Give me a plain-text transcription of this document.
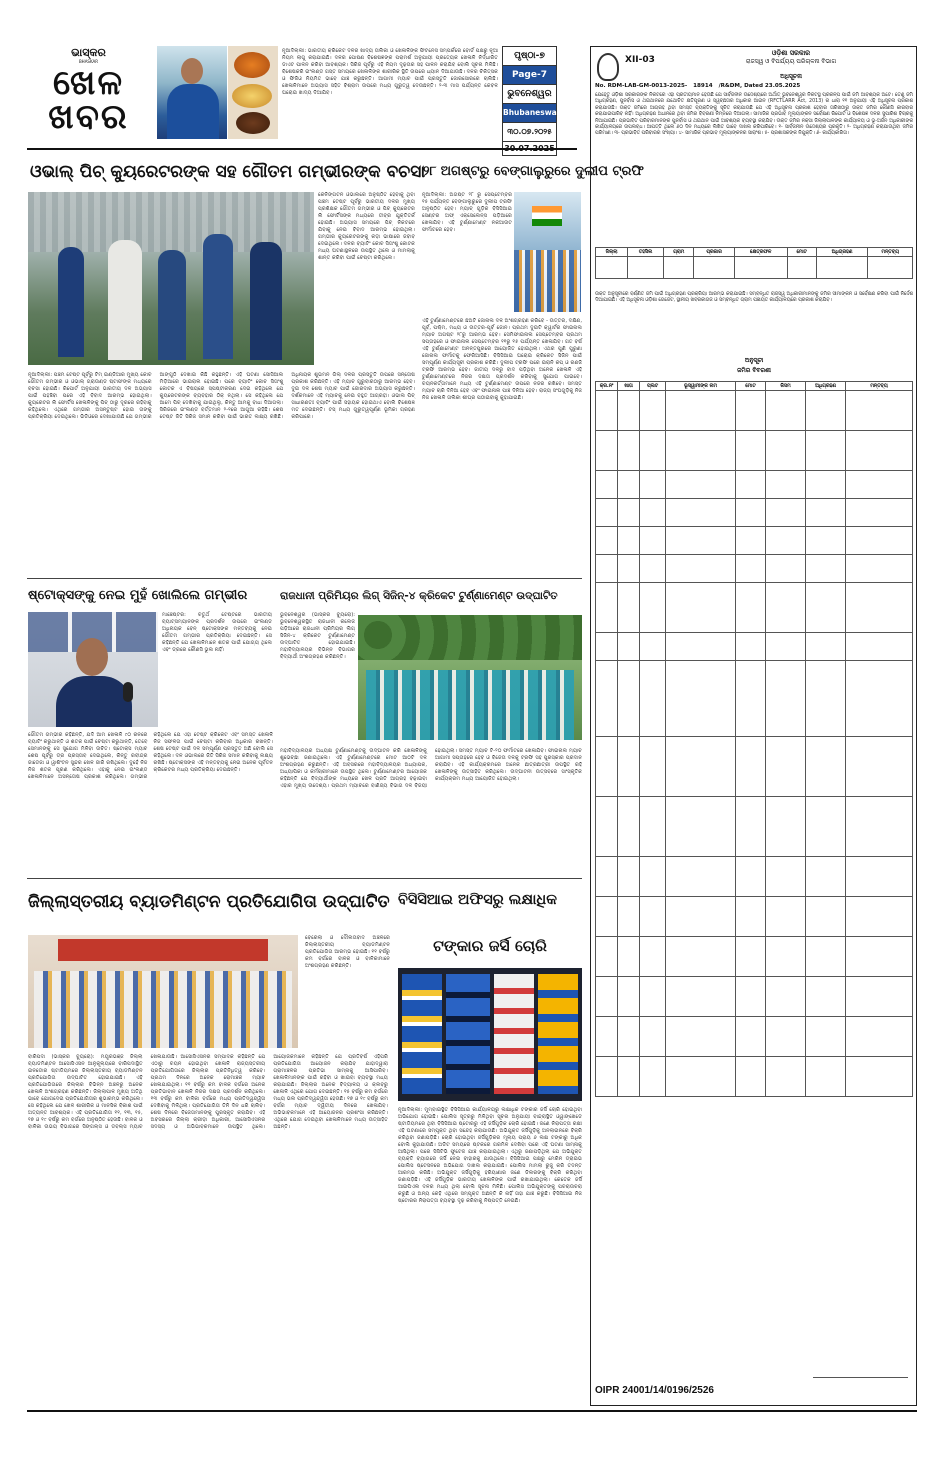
ଭାସ୍କର
BHASKAR
ଖେଳ
ଖବର
ନୂଆଦିଲ୍ଲୀ: ଭାରତୀୟ କ୍ରିକେଟ ଦଳର ଖାଦ୍ୟ ତାଲିକା ଓ ଖେଳାଳିଙ୍କ ଫିଟନେସ ସମ୍ପର୍କରେ ବୋର୍ଡ ପକ୍ଷରୁ ନୂଆ ନିୟମ ଲାଗୁ କରାଯାଇଛି। ଦଳର ପୋଷଣ ବିଶେଷଜ୍ଞଙ୍କ ପରାମର୍ଶ ଅନୁଯାୟୀ ପ୍ରତ୍ୟେକ ଖେଳାଳି ନିର୍ଦ୍ଧାରିତ ଡାଏଟ ପାଳନ କରିବା ଆବଶ୍ୟକ। ସିରିଜ ପୂର୍ବରୁ ଏହି ନିୟମ ଦୃଢ଼ତାର ସହ ପାଳନ କରାଯିବ ବୋଲି ସୂଚନା ମିଳିଛି। ବିଶେଷକରି ଇଂଲଣ୍ଡ ଗସ୍ତ ସମୟରେ ଖେଳାଳିଙ୍କ ଶାରୀରିକ ସ୍ଥିତି ଉପରେ ଧ୍ୟାନ ଦିଆଯାଉଛି। ଦଳର ଚିକିତ୍ସକ ଓ ଫିଜିଓ ନିୟମିତ ଭାବେ ଯାଞ୍ଚ କରୁଛନ୍ତି। ଆଗାମୀ ମ୍ୟାଚ ପାଇଁ ପ୍ରସ୍ତୁତି ଜୋରସୋରରେ ଚାଲିଛି। ଖେଳାଳିମାନେ ଅଭ୍ୟାସ ସହିତ ବିଶ୍ରାମ ଉପରେ ମଧ୍ୟ ଗୁରୁତ୍ୱ ଦେଉଛନ୍ତି। ୨-୩ ମାସ ପର୍ଯ୍ୟନ୍ତ କେବଳ ଘରୋଇ ଖାଦ୍ୟ ଦିଆଯିବ।
ପୃଷ୍ଠା-୭
Page-7
ଭୁବନେଶ୍ୱର
Bhubaneswar
୩୦.୦୭.୨୦୨୫
ଓଭାଲ୍ ପିଚ୍ କ୍ୟୁରେଟରଙ୍କ ସହ ଗୌତମ ଗମ୍ଭୀରଙ୍କ ବଚସା
କେନିଙ୍ଗଟନ ଓଭାଲରେ ଅନୁଷ୍ଠିତ ହେବାକୁ ଥିବା ପଞ୍ଚମ ଟେଷ୍ଟ ପୂର୍ବରୁ ଭାରତୀୟ ଦଳର ମୁଖ୍ୟ ପ୍ରଶିକ୍ଷକ ଗୌତମ ଗମ୍ଭୀର ଓ ପିଚ୍ କ୍ୟୁରେଟର ଲି ଫୋର୍ଟିସଙ୍କ ମଧ୍ୟରେ ତୀବ୍ର ଯୁକ୍ତିତର୍କ ହୋଇଛି। ଅଭ୍ୟାସ ସମୟରେ ପିଚ୍ ନିକଟରେ ଯିବାକୁ ନେଇ ବିବାଦ ଆରମ୍ଭ ହୋଇଥିଲା। ଗମ୍ଭୀର କ୍ୟୁରେଟରଙ୍କୁ କଡ଼ା ଭାଷାରେ ଜବାବ ଦେଇଥିଲେ। ଦଳର ବ୍ୟାଟିଂ କୋଚ ସିତାଂଶୁ କୋଟକ ମଧ୍ୟ ଘଟଣାସ୍ଥଳରେ ଉପସ୍ଥିତ ଥିଲେ ଓ ମାମଲାକୁ ଶାନ୍ତ କରିବା ପାଇଁ ଚେଷ୍ଟା କରିଥିଲେ।
ନୂଆଦିଲ୍ଲୀ: ପଞ୍ଚମ ଟେଷ୍ଟ ପୂର୍ବରୁ ଟିମ୍ ଇଣ୍ଡିଆର ମୁଖ୍ୟ କୋଚ ଗୌତମ ଗମ୍ଭୀର ଓ ଓଭାଲ୍ ଗ୍ରାଉଣ୍ଡ ଷ୍ଟାଫଙ୍କ ମଧ୍ୟରେ ବଚସା ହୋଇଛି। ରିପୋର୍ଟ ଅନୁଯାୟୀ ଭାରତୀୟ ଦଳ ଅଭ୍ୟାସ ପାଇଁ ପହଞ୍ଚିବା ପରେ ଏହି ବିବାଦ ଆରମ୍ଭ ହୋଇଥିଲା। କ୍ୟୁରେଟର ଲି ଫୋର୍ଟିସ ଖେଳାଳିଙ୍କୁ ପିଚ୍ ଠାରୁ ଦୂରରେ ରହିବାକୁ କହିଥିଲେ। ଏଥିରେ ଗମ୍ଭୀର ଅସନ୍ତୁଷ୍ଟ ହୋଇ ତାଙ୍କୁ ପ୍ରତିକ୍ରିୟା ଦେଇଥିଲେ। ଭିଡିଓରେ ଦେଖାଯାଉଛି ଯେ ଗମ୍ଭୀର ଆଙ୍ଗୁଠି ଦେଖାଇ କିଛି କହୁଛନ୍ତି। ଏହି ଘଟଣା ସୋସିଆଲ ମିଡ଼ିଆରେ ଭାଇରାଲ ହୋଇଛି। ପରେ ବ୍ୟାଟିଂ କୋଚ ସିତାଂଶୁ କୋଟକ ଏ ବିଷୟରେ ସ୍ପଷ୍ଟୀକରଣ ଦେଇ କହିଥିଲେ ଯେ କ୍ୟୁରେଟରଙ୍କ ବ୍ୟବହାର ଠିକ୍ ନଥିଲା। ସେ କହିଥିଲେ ଯେ ଆମେ ପିଚ୍ ଦେଖିବାକୁ ଯାଇଥିଲୁ, କିନ୍ତୁ ଆମକୁ ବାଧା ଦିଆଗଲା। ସିରିଜରେ ଇଂଲଣ୍ଡ ବର୍ତ୍ତମାନ ୨-୧ରେ ଆଗୁଆ ରହିଛି। ଶେଷ ଟେଷ୍ଟ ଜିତି ସିରିଜ ସମାନ କରିବା ପାଇଁ ଭାରତ ଲକ୍ଷ୍ୟ ରଖିଛି। ଅଧିନାୟକ ଶୁଭମନ ଗିଲ୍ ଦଳର ପ୍ରସ୍ତୁତି ଉପରେ ସନ୍ତୋଷ ପ୍ରକାଶ କରିଛନ୍ତି। ଏହି ମ୍ୟାଚ ଗୁରୁବାରଠାରୁ ଆରମ୍ଭ ହେବ। ଦୁଇ ଦଳ ଶେଷ ମ୍ୟାଚ ପାଇଁ ଜୋରଦାର ଅଭ୍ୟାସ କରୁଛନ୍ତି। ଦର୍ଶକମାନେ ଏହି ମ୍ୟାଚକୁ ନେଇ ବହୁତ ଆଗ୍ରହୀ। ଓଭାଲ ପିଚ୍ ସାଧାରଣତଃ ବ୍ୟାଟିଂ ପାଇଁ ସହାୟକ ହୋଇଥାଏ ବୋଲି ବିଶେଷଜ୍ଞ ମତ ଦେଇଛନ୍ତି। ଟସ୍ ମଧ୍ୟ ଗୁରୁତ୍ୱପୂର୍ଣ୍ଣ ଭୂମିକା ଗ୍ରହଣ କରିପାରେ।
୨୮ ଅଗଷ୍ଟରୁ ବେଙ୍ଗାଲୁରୁରେ ଦୁଲୀପ ଟ୍ରଫି
ନୂଆଦିଲ୍ଲୀ: ଅଗଷ୍ଟ ୨୮ ରୁ ସେପ୍ଟେମ୍ବର ୧୫ ପର୍ଯ୍ୟନ୍ତ ବେଙ୍ଗାଲୁରୁରେ ଦୁଲୀପ ଟ୍ରଫି ଅନୁଷ୍ଠିତ ହେବ। ମ୍ୟାଚ୍ ଗୁଡ଼ିକ ବିସିସିଆଇ ସେଣ୍ଟର ଅଫ୍ ଏକ୍ସେଲେନ୍ସ ପଡ଼ିଆରେ ଖେଳାଯିବ। ଏହି ଟୁର୍ଣ୍ଣାମେଣ୍ଟ ନକଆଉଟ ଫର୍ମାଟରେ ହେବ।
ଏହି ଟୁର୍ଣ୍ଣାମେଣ୍ଟରେ ଛଅଟି ଜୋନାଲ ଦଳ ଅଂଶଗ୍ରହଣ କରିବେ - ଉତ୍ତର, ଦକ୍ଷିଣ, ପୂର୍ବ, ପଶ୍ଚିମ, ମଧ୍ୟ ଓ ଉତ୍ତର-ପୂର୍ବ ଜୋନ। ପ୍ରଥମ ଦୁଇଟି କ୍ୱାର୍ଟର ଫାଇନାଲ ମ୍ୟାଚ ଅଗଷ୍ଟ ୨୮ରୁ ଆରମ୍ଭ ହେବ। ସେମିଫାଇନାଲ ସେପ୍ଟେମ୍ବର ପ୍ରଥମ ସପ୍ତାହରେ ଓ ଫାଇନାଲ ସେପ୍ଟେମ୍ବର ୧୧ରୁ ୧୫ ପର୍ଯ୍ୟନ୍ତ ଖେଳାଯିବ। ଗତ ବର୍ଷ ଏହି ଟୁର୍ଣ୍ଣାମେଣ୍ଟ ଅନନ୍ତପୁରରେ ଆୟୋଜିତ ହୋଇଥିଲା। ଏଥର ପୁଣି ପୁରୁଣା ଜୋନାଲ ଫର୍ମାଟକୁ ଫେରିଆସିଛି। ବିସିସିଆଇ ଘରୋଇ କ୍ରିକେଟ ସିଜିନ ପାଇଁ ସମ୍ପୂର୍ଣ୍ଣ କାର୍ଯ୍ୟସୂଚୀ ପ୍ରକାଶ କରିଛି। ଦୁଲୀପ ଟ୍ରଫି ପରେ ଇରାନି କପ୍ ଓ ରଣଜି ଟ୍ରଫି ଆରମ୍ଭ ହେବ। ଜାତୀୟ ଦଳରୁ ବାଦ ପଡ଼ିଥିବା ଅନେକ ଖେଳାଳି ଏହି ଟୁର୍ଣ୍ଣାମେଣ୍ଟରେ ନିଜର ଦକ୍ଷତା ପ୍ରଦର୍ଶନ କରିବାକୁ ସୁଯୋଗ ପାଇବେ। ଚୟନକର୍ତ୍ତାମାନେ ମଧ୍ୟ ଏହି ଟୁର୍ଣ୍ଣାମେଣ୍ଟ ଉପରେ ନଜର ରଖିବେ। ସମସ୍ତ ମ୍ୟାଚ ଚାରି ଦିନିଆ ହେବ ଏବଂ ଫାଇନାଲ ପାଞ୍ଚ ଦିନିଆ ହେବ। ରାଜ୍ୟ ସଂଘଗୁଡ଼ିକୁ ନିଜ ନିଜ ଖେଳାଳି ତାଲିକା ଶୀଘ୍ର ପଠାଇବାକୁ କୁହାଯାଇଛି।
ଷ୍ଟୋକ୍ସଙ୍କୁ ନେଇ ମୁହଁ ଖୋଲିଲେ ଗମ୍ଭୀର
ମାଞ୍ଚେଷ୍ଟର: ଚତୁର୍ଥ ଟେଷ୍ଟରେ ଭାରତୀୟ ବ୍ୟାଟ୍ସମ୍ୟାନଙ୍କ ପ୍ରଦର୍ଶନ ଉପରେ ଇଂଲଣ୍ଡ ଅଧିନାୟକ ବେନ୍ ଷ୍ଟୋକ୍ସଙ୍କ ମନ୍ତବ୍ୟକୁ ନେଇ ଗୌତମ ଗମ୍ଭୀର ପ୍ରତିକ୍ରିୟା ଦେଇଛନ୍ତି। ସେ କହିଛନ୍ତି ଯେ ଖେଳାଳିମାନେ ଶତକ ପାଇଁ ଯୋଗ୍ୟ ଥିଲେ ଏବଂ ଡ୍ରରେ କୌଣସି ଭୁଲ ନାହିଁ।
ଗୌତମ ଗମ୍ଭୀର କହିଛନ୍ତି, ଯଦି ଆମ ଖେଳାଳି ୯୦ ରନରେ ବ୍ୟାଟିଂ କରୁଥାନ୍ତି ଓ ଶତକ ପାଇଁ ଚେଷ୍ଟା କରୁଥାନ୍ତି, ତେବେ ସେମାନଙ୍କୁ ସେ ସୁଯୋଗ ମିଳିବା ଉଚିତ। ଷ୍ଟୋକ୍ସ ମ୍ୟାଚ ଶେଷ ପୂର୍ବରୁ ଡ୍ର ପ୍ରସ୍ତାବ ଦେଇଥିଲେ, କିନ୍ତୁ ରବୀନ୍ଦ୍ର ଜାଡେଜା ଓ ୱାଶିଂଟନ ସୁନ୍ଦର ଖେଳ ଜାରି ରଖିଥିଲେ। ଦୁହେଁ ନିଜ ନିଜ ଶତକ ପୂରଣ କରିଥିଲେ। ଏହାକୁ ନେଇ ଇଂଲଣ୍ଡ ଖେଳାଳିମାନେ ଅସନ୍ତୋଷ ପ୍ରକାଶ କରିଥିଲେ। ଗମ୍ଭୀର କହିଥିଲେ ଯେ ଏହା ଟେଷ୍ଟ କ୍ରିକେଟ ଏବଂ ସମସ୍ତ ଖେଳାଳି ନିଜ ସଫଳତା ପାଇଁ ଚେଷ୍ଟା କରିବାର ଅଧିକାର ରଖନ୍ତି। ଶେଷ ଟେଷ୍ଟ ପାଇଁ ଦଳ ସମ୍ପୂର୍ଣ୍ଣ ପ୍ରସ୍ତୁତ ଅଛି ବୋଲି ସେ କହିଥିଲେ। ଦଳ ଓଭାଲରେ ଜିତି ସିରିଜ ସମାନ କରିବାକୁ ଲକ୍ଷ୍ୟ ରଖିଛି। ଷ୍ଟୋକ୍ସଙ୍କ ଏହି ମନ୍ତବ୍ୟକୁ ନେଇ ଅନେକ ପୂର୍ବତନ କ୍ରିକେଟର ମଧ୍ୟ ପ୍ରତିକ୍ରିୟା ଦେଇଛନ୍ତି।
ରାଜଧାନୀ ପ୍ରିମିୟର ଲିଗ୍ ସିଜିନ୍-୪ କ୍ରିକେଟ ଟୁର୍ଣ୍ଣାମେଣ୍ଟ ଉଦ୍‌ଘାଟିତ
ଭୁବନେଶ୍ୱର (ଭାସ୍କର ବ୍ୟୁରୋ): ଭୁବନେଶ୍ୱରସ୍ଥିତ ରାଜଧାନୀ କଲେଜ ପଡ଼ିଆରେ ରାଜଧାନୀ ପ୍ରିମିୟର ଲିଗ୍ ସିଜିନ-୪ କ୍ରିକେଟ ଟୁର୍ଣ୍ଣାମେଣ୍ଟ ଉଦ୍‌ଘାଟିତ ହୋଇଯାଇଛି। ମହାବିଦ୍ୟାଳୟର ବିଭିନ୍ନ ବିଭାଗର ବିଦ୍ୟାର୍ଥୀ ଅଂଶଗ୍ରହଣ କରିଛନ୍ତି।
ମହାବିଦ୍ୟାଳୟର ଅଧ୍ୟକ୍ଷ ଟୁର୍ଣ୍ଣାମେଣ୍ଟକୁ ଉଦ୍‌ଘାଟନ କରି ଖେଳାଳିଙ୍କୁ ଶୁଭେଚ୍ଛା ଜଣାଇଥିଲେ। ଏହି ଟୁର୍ଣ୍ଣାମେଣ୍ଟରେ ମୋଟ ଆଠଟି ଦଳ ଅଂଶଗ୍ରହଣ କରୁଛନ୍ତି। ଏହି ଅବସରରେ ମହାବିଦ୍ୟାଳୟର ଅଧ୍ୟାପକ, ଅଧ୍ୟାପିକା ଓ କର୍ମଚାରୀମାନେ ଉପସ୍ଥିତ ଥିଲେ। ଟୁର୍ଣ୍ଣାମେଣ୍ଟର ଆୟୋଜକ କହିଛନ୍ତି ଯେ ବିଦ୍ୟାର୍ଥୀଙ୍କ ମଧ୍ୟରେ ଖେଳ ପ୍ରତି ଆଗ୍ରହ ବଢ଼ାଇବା ଏହାର ମୁଖ୍ୟ ଉଦ୍ଦେଶ୍ୟ। ପ୍ରଥମ ମ୍ୟାଚରେ ବାଣିଜ୍ୟ ବିଭାଗ ଦଳ ବିଜୟୀ ହୋଇଥିଲା। ସମସ୍ତ ମ୍ୟାଚ ଟି-୨୦ ଫର୍ମାଟରେ ଖେଳାଯିବ। ଫାଇନାଲ ମ୍ୟାଚ ଆଗାମୀ ସପ୍ତାହରେ ହେବ ଓ ବିଜେତା ଦଳକୁ ଟ୍ରଫି ସହ ପୁରସ୍କାର ପ୍ରଦାନ କରାଯିବ। ଏହି କାର୍ଯ୍ୟକ୍ରମରେ ଅନେକ ଛାତ୍ରଛାତ୍ରୀ ଉପସ୍ଥିତ ରହି ଖେଳାଳିଙ୍କୁ ଉତ୍ସାହିତ କରିଥିଲେ। ଉଦ୍‌ଘାଟନୀ ଉତ୍ସବରେ ସାଂସ୍କୃତିକ କାର୍ଯ୍ୟକ୍ରମ ମଧ୍ୟ ଆୟୋଜିତ ହୋଇଥିଲା।
ଜିଲ୍ଲାସ୍ତରୀୟ ବ୍ୟାଡମିଣ୍ଟନ ପ୍ରତିଯୋଗିତା ଉଦ୍‌ଘାଟିତ
ବେରେଲା ଓ ଦୌଲତାବାଦ ଅଞ୍ଚଳରେ ଜିଲ୍ଲାସ୍ତରୀୟ ବ୍ୟାଡମିଣ୍ଟନ ପ୍ରତିଯୋଗିତା ଆରମ୍ଭ ହୋଇଛି। ୧୧ ବର୍ଷରୁ କମ ବର୍ଗରେ ବାଳକ ଓ ବାଳିକାମାନେ ଅଂଶଗ୍ରହଣ କରିଛନ୍ତି।
ବାରିପଦା (ଭାସ୍କର ବ୍ୟୁରୋ): ମୟୂରଭଞ୍ଜ ଜିଲ୍ଲା ବ୍ୟାଡମିଣ୍ଟନ ଆସୋସିଏସନ ଆନୁକୂଲ୍ୟରେ ବାରିପଦାସ୍ଥିତ ଇନଡୋର ଷ୍ଟାଡିୟମରେ ଜିଲ୍ଲାସ୍ତରୀୟ ବ୍ୟାଡମିଣ୍ଟନ ପ୍ରତିଯୋଗିତା ଉଦ୍‌ଘାଟିତ ହୋଇଯାଇଛି। ଏହି ପ୍ରତିଯୋଗିତାରେ ଜିଲ୍ଲାର ବିଭିନ୍ନ ଅଞ୍ଚଳରୁ ଅନେକ ଖେଳାଳି ଅଂଶଗ୍ରହଣ କରିଛନ୍ତି। ଜିଲ୍ଲାପାଳ ମୁଖ୍ୟ ଅତିଥି ଭାବେ ଯୋଗଦେଇ ପ୍ରତିଯୋଗିତାର ଶୁଭାରମ୍ଭ କରିଥିଲେ। ସେ କହିଥିଲେ ଯେ ଖେଳ ଶାରୀରିକ ଓ ମାନସିକ ବିକାଶ ପାଇଁ ଅତ୍ୟନ୍ତ ଆବଶ୍ୟକ। ଏହି ପ୍ରତିଯୋଗିତା ୧୧, ୧୩, ୧୫, ୧୭ ଓ ୧୯ ବର୍ଷରୁ କମ ବର୍ଗରେ ଅନୁଷ୍ଠିତ ହେଉଛି। ବାଳକ ଓ ବାଳିକା ଉଭୟ ବିଭାଗରେ ସିଙ୍ଗଲ୍ସ ଓ ଡବଲ୍ସ ମ୍ୟାଚ ଖେଳାଯାଉଛି। ଆସୋସିଏସନର ସମ୍ପାଦକ କହିଛନ୍ତି ଯେ ଏଠାରୁ ଚୟନ ହୋଇଥିବା ଖେଳାଳି ରାଜ୍ୟସ୍ତରୀୟ ପ୍ରତିଯୋଗିତାରେ ଜିଲ୍ଲାର ପ୍ରତିନିଧିତ୍ୱ କରିବେ। ପ୍ରଥମ ଦିନରେ ଅନେକ ରୋମାଞ୍ଚକ ମ୍ୟାଚ ଖେଳାଯାଇଥିଲା। ୧୧ ବର୍ଷରୁ କମ ବାଳକ ବର୍ଗରେ ଅନେକ ପ୍ରତିଭାବାନ ଖେଳାଳି ନିଜର ଦକ୍ଷତା ପ୍ରଦର୍ଶନ କରିଥିଲେ। ୧୩ ବର୍ଷରୁ କମ ବାଳିକା ବର୍ଗରେ ମଧ୍ୟ ପ୍ରତିଦ୍ୱନ୍ଦ୍ୱିତା ଦେଖିବାକୁ ମିଳିଥିଲା। ପ୍ରତିଯୋଗିତା ତିନି ଦିନ ଧରି ଚାଲିବ। ଶେଷ ଦିନରେ ବିଜେତାମାନଙ୍କୁ ପୁରସ୍କୃତ କରାଯିବ। ଏହି ଅବସରରେ ଜିଲ୍ଲା କ୍ରୀଡ଼ା ଅଧିକାରୀ, ଆସୋସିଏସନର ସଦସ୍ୟ ଓ ଅଭିଭାବକମାନେ ଉପସ୍ଥିତ ଥିଲେ। ଆୟୋଜକମାନେ କହିଛନ୍ତି ଯେ ପ୍ରତିବର୍ଷ ଏହିପରି ପ୍ରତିଯୋଗିତା ଆୟୋଜନ କରାଯିବ ଯାହାଦ୍ୱାରା ଗ୍ରାମାଞ୍ଚଳର ପ୍ରତିଭା ସାମ୍ନାକୁ ଆସିପାରିବ। ଖେଳାଳିମାନଙ୍କ ପାଇଁ ରହିବା ଓ ଖାଇବା ବ୍ୟବସ୍ଥା ମଧ୍ୟ କରାଯାଇଛି। ଜିଲ୍ଲାର ଅନେକ ବିଦ୍ୟାଳୟ ଓ କ୍ଲବରୁ ଖେଳାଳି ଏଥିରେ ଯୋଗ ଦେଇଛନ୍ତି। ୧୫ ବର୍ଷରୁ କମ ବର୍ଗରେ ମଧ୍ୟ ଭଲ ପ୍ରତିଦ୍ୱନ୍ଦ୍ୱିତା ହେଉଛି। ୧୭ ଓ ୧୯ ବର୍ଷରୁ କମ ବର୍ଗର ମ୍ୟାଚ ଦ୍ୱିତୀୟ ଦିନରେ ଖେଳାଯିବ। ଅଭିଭାବକମାନେ ଏହି ଆୟୋଜନର ପ୍ରଶଂସା କରିଛନ୍ତି। ଏଥିରେ ଯୋଗ ଦେଇଥିବା ଖେଳାଳିମାନେ ମଧ୍ୟ ଉତ୍ସାହିତ ଅଛନ୍ତି।
ବିସିସିଆଇ ଅଫିସରୁ ଲକ୍ଷାଧିକ
ଟଙ୍କାର ଜର୍ସି ଚୋରି
ନୂଆଦିଲ୍ଲୀ: ମୁମ୍ବାଇସ୍ଥିତ ବିସିସିଆଇ କାର୍ଯ୍ୟାଳୟରୁ ଲକ୍ଷାଧିକ ଟଙ୍କାର ଜର୍ସି ଚୋରି ହୋଇଥିବା ଅଭିଯୋଗ ହୋଇଛି। ପୋଲିସ ସୂତ୍ରରୁ ମିଳିଥିବା ସୂଚନା ଅନୁଯାୟୀ ବାନ୍ଦ୍ରାସ୍ଥିତ ଓ୍ୱାଙ୍ଖେଡେ ଷ୍ଟାଡିୟମରେ ଥିବା ବିସିସିଆଇ ଷ୍ଟୋରରୁ ଏହି ଜର୍ସିଗୁଡ଼ିକ ଚୋରି ହୋଇଛି। ଜଣେ ନିରାପତ୍ତା ରକ୍ଷୀ ଏହି ଘଟଣାରେ ସମ୍ପୃକ୍ତ ଥିବା ସନ୍ଦେହ କରାଯାଉଛି। ଅଭିଯୁକ୍ତ ଜର୍ସିଗୁଡ଼ିକୁ ଅନଲାଇନରେ ବିକ୍ରି କରିଥିବା ଜଣାପଡ଼ିଛି। ଚୋରି ହୋଇଥିବା ଜର୍ସିଗୁଡ଼ିକର ମୂଲ୍ୟ ପ୍ରାୟ ୬ ଲକ୍ଷ ଟଙ୍କାରୁ ଅଧିକ ବୋଲି କୁହାଯାଉଛି। ଅଡିଟ ସମୟରେ ଷ୍ଟକରେ ଗରମିଳ ଦେଖିବା ପରେ ଏହି ଘଟଣା ସାମ୍ନାକୁ ଆସିଥିଲା। ପରେ ସିସିଟିଭି ଫୁଟେଜ ଯାଞ୍ଚ କରାଯାଇଥିଲା। ଏଥିରୁ ଜଣାପଡ଼ିଥିଲା ଯେ ଅଭିଯୁକ୍ତ ବ୍ୟକ୍ତି ବ୍ୟାଗରେ ଜର୍ସି ନେଇ ବାହାରକୁ ଯାଉଥିଲେ। ବିସିସିଆଇ ପକ୍ଷରୁ ମେରିନ ଡ୍ରାଇଭ ପୋଲିସ ଷ୍ଟେସନରେ ଅଭିଯୋଗ ଦାଖଲ କରାଯାଇଛି। ପୋଲିସ ମାମଲା ରୁଜୁ କରି ତଦନ୍ତ ଆରମ୍ଭ କରିଛି। ଅଭିଯୁକ୍ତ ଜର୍ସିଗୁଡ଼ିକୁ ହରିୟାଣାର ଜଣେ ଡିଲରଙ୍କୁ ବିକ୍ରି କରିଥିବା ଜଣାପଡ଼ିଛି। ଏହି ଜର୍ସିଗୁଡ଼ିକ ଭାରତୀୟ ଖେଳାଳିଙ୍କ ପାଇଁ ରଖାଯାଇଥିଲା। କେତେକ ଜର୍ସି ଆଇପିଏଲ ଦଳର ମଧ୍ୟ ଥିଲା ବୋଲି ସୂଚନା ମିଳିଛି। ପୋଲିସ ଅଭିଯୁକ୍ତଙ୍କୁ ପଚରାଉଚରା କରୁଛି ଓ ଅନ୍ୟ କେହି ଏଥିରେ ସମ୍ପୃକ୍ତ ଅଛନ୍ତି କି ନାହିଁ ତାହା ଯାଞ୍ଚ କରୁଛି। ବିସିସିଆଇ ନିଜ ଷ୍ଟୋରର ନିରାପତ୍ତା ବ୍ୟବସ୍ଥା ଦୃଢ଼ କରିବାକୁ ନିଷ୍ପତ୍ତି ନେଇଛି।
XII-03
ଓଡ଼ିଶା ସରକାର
ରାଜସ୍ୱ ଓ ବିପର୍ଯ୍ୟୟ ପରିଚାଳନା ବିଭାଗ
ଅଧିସୂଚନା
No. RDM-LAB-GM-0013-2025- 18914 /R&DM, Dated 23.05.2025
ଯେହେତୁ ଓଡ଼ିଶା ସରକାରଙ୍କ ନିକଟରେ ଏହା ପ୍ରତୀୟମାନ ହେଉଛି ଯେ ସାର୍ବଜନୀନ ଉଦ୍ଦେଶ୍ୟରେ ଅର୍ଥାତ୍ ଭୁବନେଶ୍ୱର ନିକଟସ୍ଥ ପ୍ରକଳ୍ପ ପାଇଁ ଜମି ଆବଶ୍ୟକ ଅଟେ। ତେଣୁ ଜମି ଅଧିଗ୍ରହଣ, ପୁନର୍ବାସ ଓ ଥଇଥାନରେ ଯଥୋଚିତ କ୍ଷତିପୂରଣ ଓ ସ୍ୱଚ୍ଛତାର ଅଧିକାର ଆଇନ (RFCTLARR Act, 2013) ର ଧାରା ୧୧ ଅନୁଯାୟୀ ଏହି ଅଧିସୂଚନା ପ୍ରକାଶ କରାଯାଉଛି। ଉକ୍ତ ଜମିରେ ଆଗ୍ରହ ଥିବା ସମସ୍ତ ବ୍ୟକ୍ତିଙ୍କୁ ସୂଚିତ କରାଯାଉଛି ଯେ ଏହି ଅଧିସୂଚନା ପ୍ରକାଶ ହେବାର ତାରିଖଠାରୁ ଉକ୍ତ ଜମିର କୌଣସି କାରବାର କରାଯାଇପାରିବ ନାହିଁ। ଅଧିଗ୍ରହଣ ଅଧୀନରେ ଥିବା ଜମିର ବିବରଣୀ ନିମ୍ନରେ ଦିଆଗଲା। ସାମାଜିକ ପ୍ରଭାବ ମୂଲ୍ୟାଙ୍କନ ସର୍ବେକ୍ଷଣ ରିପୋର୍ଟ ଓ ବିଶେଷଜ୍ଞ ଦଳର ସୁପାରିଶ ବିଚାରକୁ ନିଆଯାଇଛି। ପ୍ରଭାବିତ ପରିବାରମାନଙ୍କ ପୁନର୍ବାସ ଓ ଥଇଥାନ ପାଇଁ ଆବଶ୍ୟକ ବ୍ୟବସ୍ଥା କରାଯିବ। ଉକ୍ତ ଜମିର ନକ୍ସା ଜିଲ୍ଲାପାଳଙ୍କ କାର୍ଯ୍ୟାଳୟ ଓ ଭୂ-ଅର୍ଜନ ଅଧିକାରୀଙ୍କ କାର୍ଯ୍ୟାଳୟରେ ଉପଲବ୍ଧ। ଆପତ୍ତି ଥିଲେ ୬୦ ଦିନ ମଧ୍ୟରେ ଲିଖିତ ଭାବେ ଦାଖଲ କରିପାରିବେ। ୧- ସାର୍ବଜନୀନ ଉଦ୍ଦେଶ୍ୟର ପ୍ରକୃତି। ୨- ଅଧିଗ୍ରହଣ କରାଯାଉଥିବା ଜମିର ପରିମାଣ। ୩- ପ୍ରଭାବିତ ପରିବାରର ସଂଖ୍ୟା। ୪- ସାମାଜିକ ପ୍ରଭାବ ମୂଲ୍ୟାଙ୍କନର ସାରାଂଶ। ୫- ପ୍ରଶାସକଙ୍କ ନିଯୁକ୍ତି। ୬- କାର୍ଯ୍ୟକାରିତା।
ଜିଲ୍ଲା	ତହସିଲ	ଗ୍ରାମ	ପ୍ରକାର	କ୍ଷେତ୍ରଫଳ	ମୋଟ	ଅଧିଗ୍ରହଣ	ମନ୍ତବ୍ୟ

ଉକ୍ତ ଅନୁସୂଚୀରେ ବର୍ଣ୍ଣିତ ଜମି ପାଇଁ ଅଧିଗ୍ରହଣ ପ୍ରକ୍ରିୟା ଆରମ୍ଭ କରାଯାଇଛି। ସମ୍ବନ୍ଧିତ ରାଜସ୍ୱ ଅଧିକାରୀମାନଙ୍କୁ ଜମିର ସୀମାଙ୍କନ ଓ ସର୍ବେକ୍ଷଣ କରିବା ପାଇଁ ନିର୍ଦ୍ଦେଶ ଦିଆଯାଇଛି। ଏହି ଅଧିସୂଚନା ଓଡ଼ିଶା ଗେଜେଟ, ସ୍ଥାନୀୟ ଖବରକାଗଜ ଓ ସମ୍ବନ୍ଧିତ ଗ୍ରାମ ପଞ୍ଚାୟତ କାର୍ଯ୍ୟାଳୟରେ ପ୍ରକାଶ କରାଯିବ।
ଅନୁସୂଚୀ
ଜମିର ବିବରଣୀ
କ୍ର.ନଂ	ଖାତା	ପ୍ଲଟ	ଭୂସ୍ୱାମୀଙ୍କ ନାମ	ମୋଟ	କିସମ	ଅଧିଗ୍ରହଣ	ମନ୍ତବ୍ୟ

OIPR 24001/14/0196/2526
